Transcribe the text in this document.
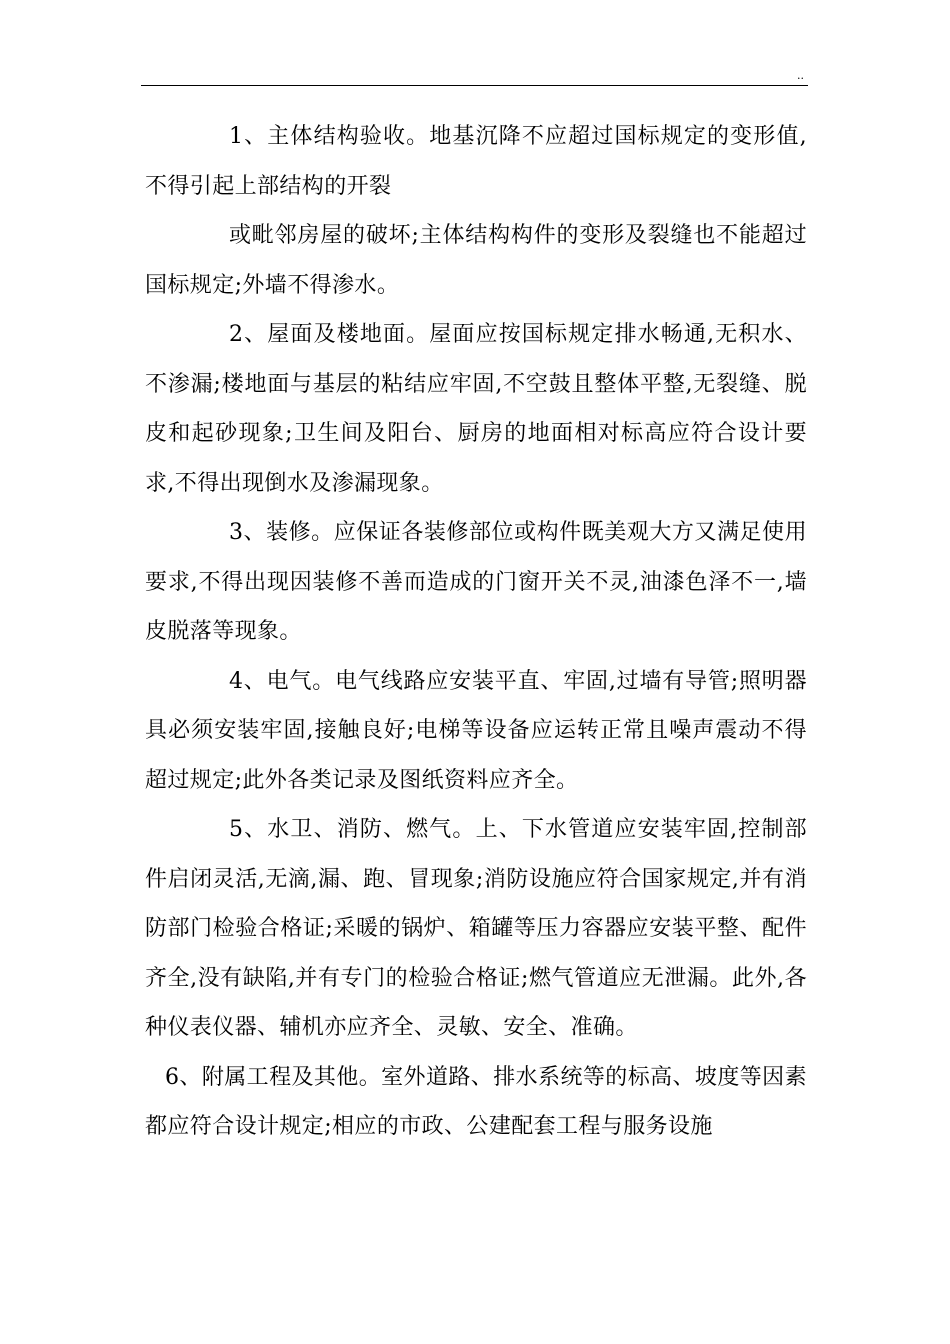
..

1、主体结构验收。地基沉降不应超过国标规定的变形值,不得引起上部结构的开裂

或毗邻房屋的破坏;主体结构构件的变形及裂缝也不能超过国标规定;外墙不得渗水。

2、屋面及楼地面。屋面应按国标规定排水畅通,无积水、不渗漏;楼地面与基层的粘结应牢固,不空鼓且整体平整,无裂缝、脱皮和起砂现象;卫生间及阳台、厨房的地面相对标高应符合设计要求,不得出现倒水及渗漏现象。

3、装修。应保证各装修部位或构件既美观大方又满足使用要求,不得出现因装修不善而造成的门窗开关不灵,油漆色泽不一,墙皮脱落等现象。

4、电气。电气线路应安装平直、牢固,过墙有导管;照明器具必须安装牢固,接触良好;电梯等设备应运转正常且噪声震动不得超过规定;此外各类记录及图纸资料应齐全。

5、水卫、消防、燃气。上、下水管道应安装牢固,控制部件启闭灵活,无滴,漏、跑、冒现象;消防设施应符合国家规定,并有消防部门检验合格证;采暖的锅炉、箱罐等压力容器应安装平整、配件齐全,没有缺陷,并有专门的检验合格证;燃气管道应无泄漏。此外,各种仪表仪器、辅机亦应齐全、灵敏、安全、准确。

6、附属工程及其他。室外道路、排水系统等的标高、坡度等因素都应符合设计规定;相应的市政、公建配套工程与服务设施
